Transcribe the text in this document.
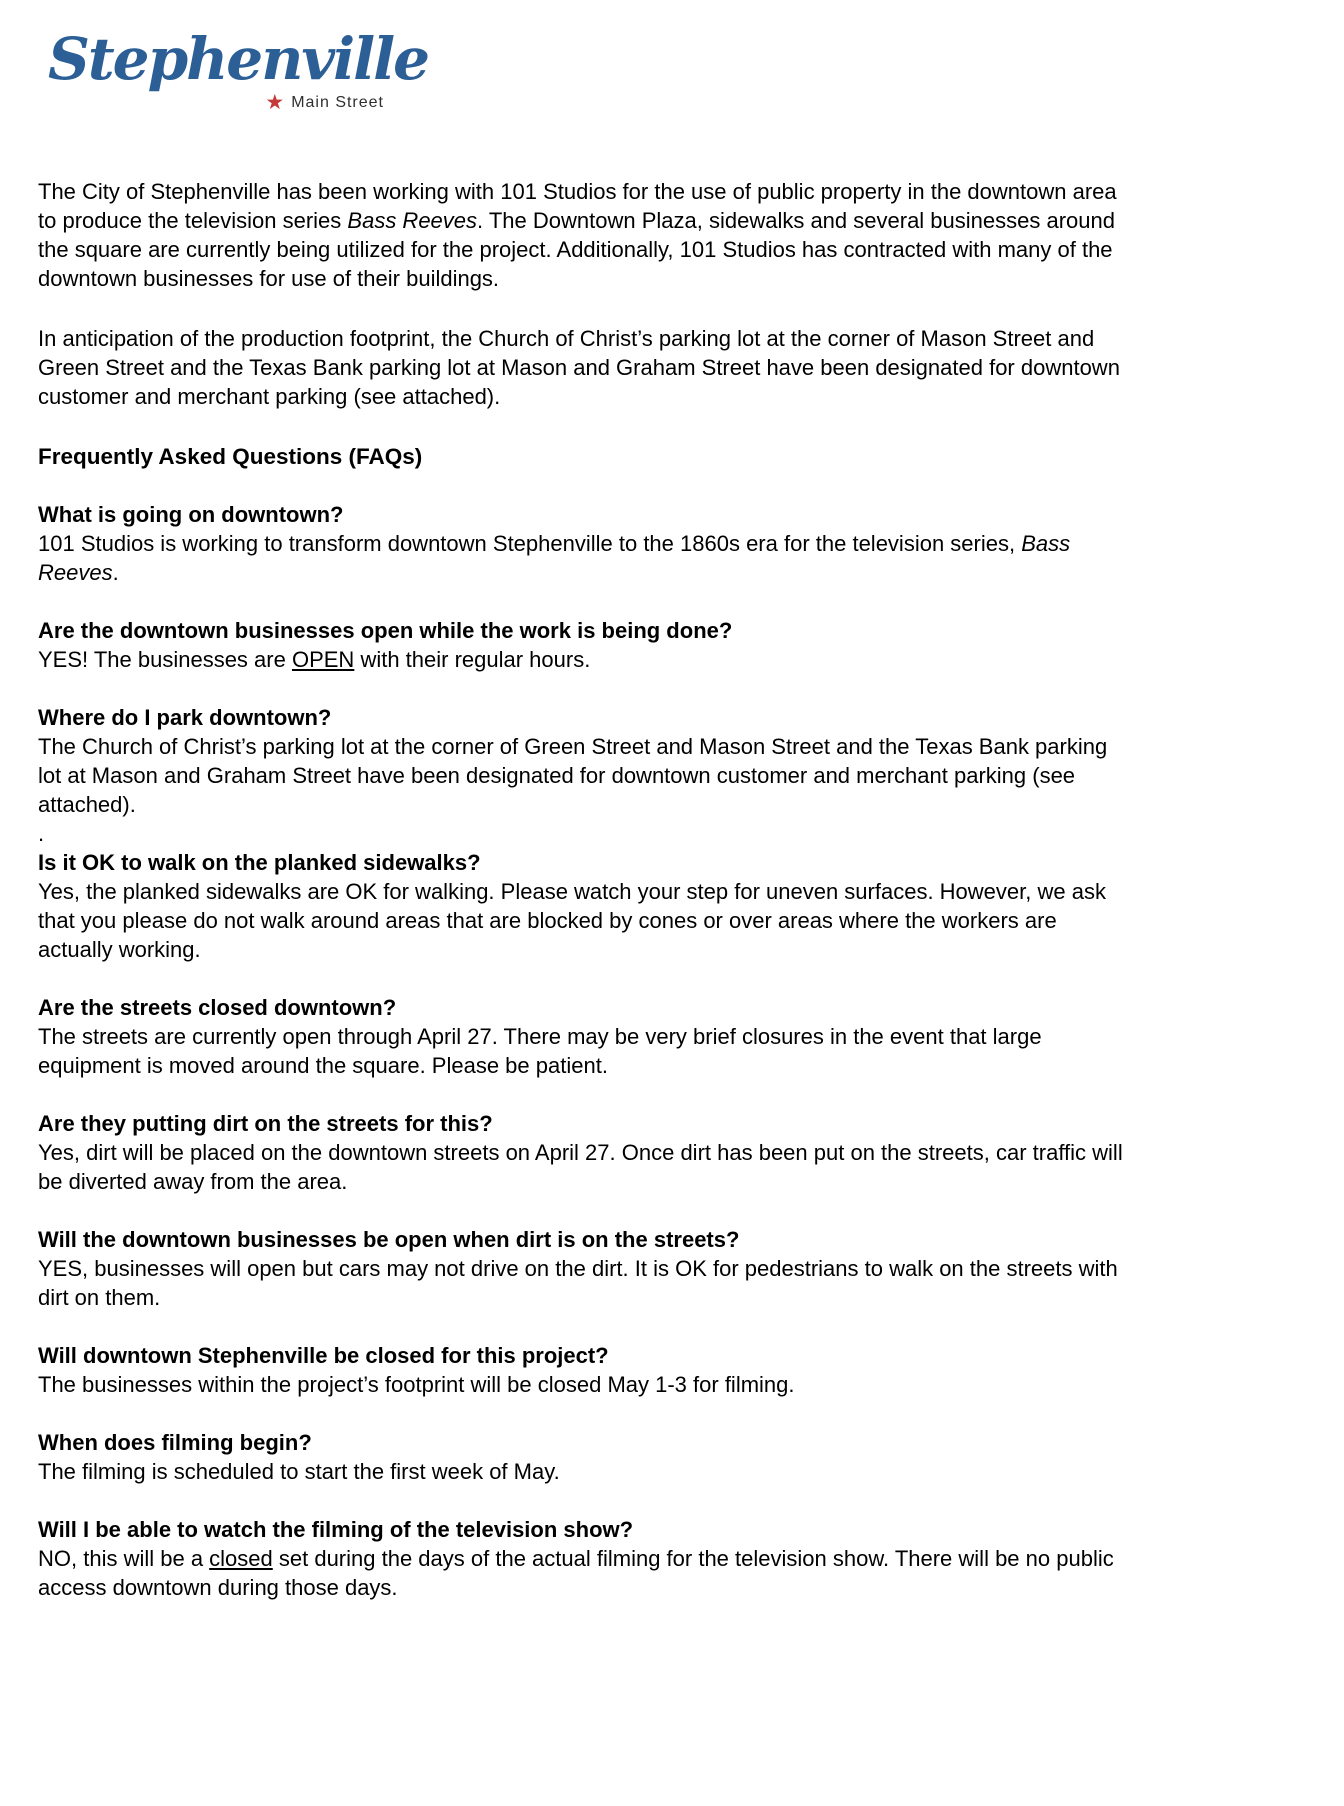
Stephenville
★ Main Street

The City of Stephenville has been working with 101 Studios for the use of public property in the downtown area to produce the television series Bass Reeves. The Downtown Plaza, sidewalks and several businesses around the square are currently being utilized for the project. Additionally, 101 Studios has contracted with many of the downtown businesses for use of their buildings.

In anticipation of the production footprint, the Church of Christ’s parking lot at the corner of Mason Street and Green Street and the Texas Bank parking lot at Mason and Graham Street have been designated for downtown customer and merchant parking (see attached).

Frequently Asked Questions (FAQs)
What is going on downtown?

101 Studios is working to transform downtown Stephenville to the 1860s era for the television series, Bass Reeves.

Are the downtown businesses open while the work is being done?

YES! The businesses are OPEN with their regular hours.

Where do I park downtown?

The Church of Christ’s parking lot at the corner of Green Street and Mason Street and the Texas Bank parking lot at Mason and Graham Street have been designated for downtown customer and merchant parking (see attached).

.

Is it OK to walk on the planked sidewalks?

Yes, the planked sidewalks are OK for walking. Please watch your step for uneven surfaces. However, we ask that you please do not walk around areas that are blocked by cones or over areas where the workers are actually working.

Are the streets closed downtown?

The streets are currently open through April 27. There may be very brief closures in the event that large equipment is moved around the square. Please be patient.

Are they putting dirt on the streets for this?

Yes, dirt will be placed on the downtown streets on April 27. Once dirt has been put on the streets, car traffic will be diverted away from the area.

Will the downtown businesses be open when dirt is on the streets?

YES, businesses will open but cars may not drive on the dirt. It is OK for pedestrians to walk on the streets with dirt on them.

Will downtown Stephenville be closed for this project?

The businesses within the project’s footprint will be closed May 1-3 for filming.

When does filming begin?

The filming is scheduled to start the first week of May.

Will I be able to watch the filming of the television show?

NO, this will be a closed set during the days of the actual filming for the television show. There will be no public access downtown during those days.
